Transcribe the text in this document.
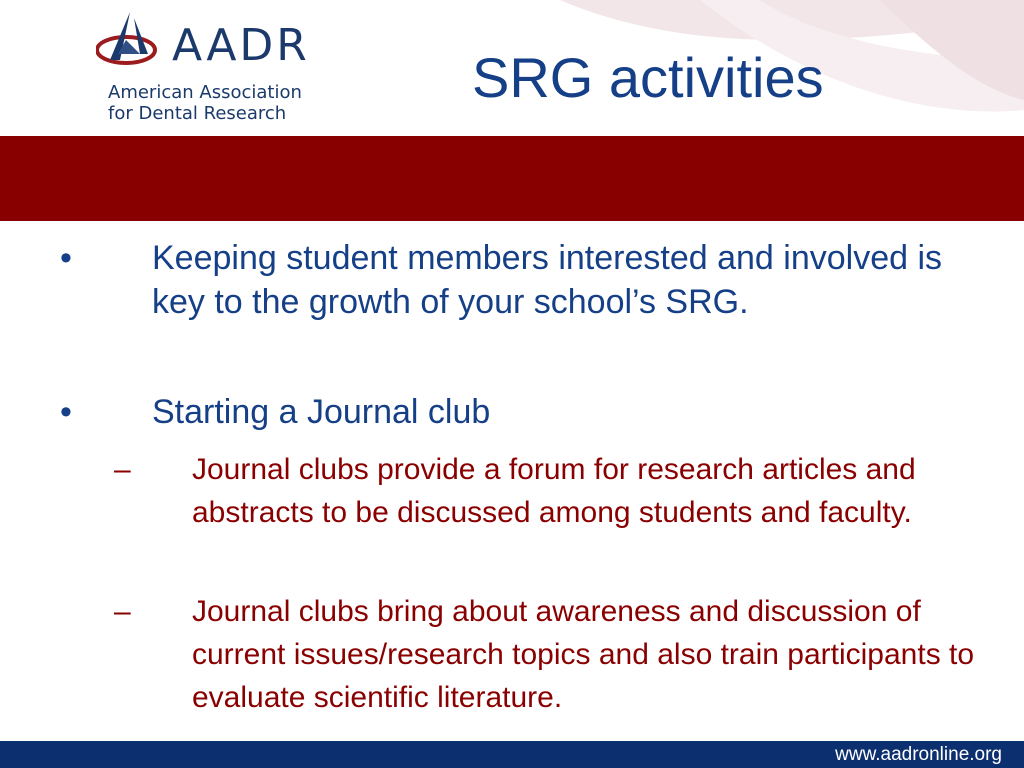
AADR
American Association
for Dental Research
SRG activities
• Keeping student members interested and involved is key to the growth of your school’s SRG.
• Starting a Journal club
– Journal clubs provide a forum for research articles and abstracts to be discussed among students and faculty.
– Journal clubs bring about awareness and discussion of current issues/research topics and also train participants to evaluate scientific literature.
www.aadronline.org
